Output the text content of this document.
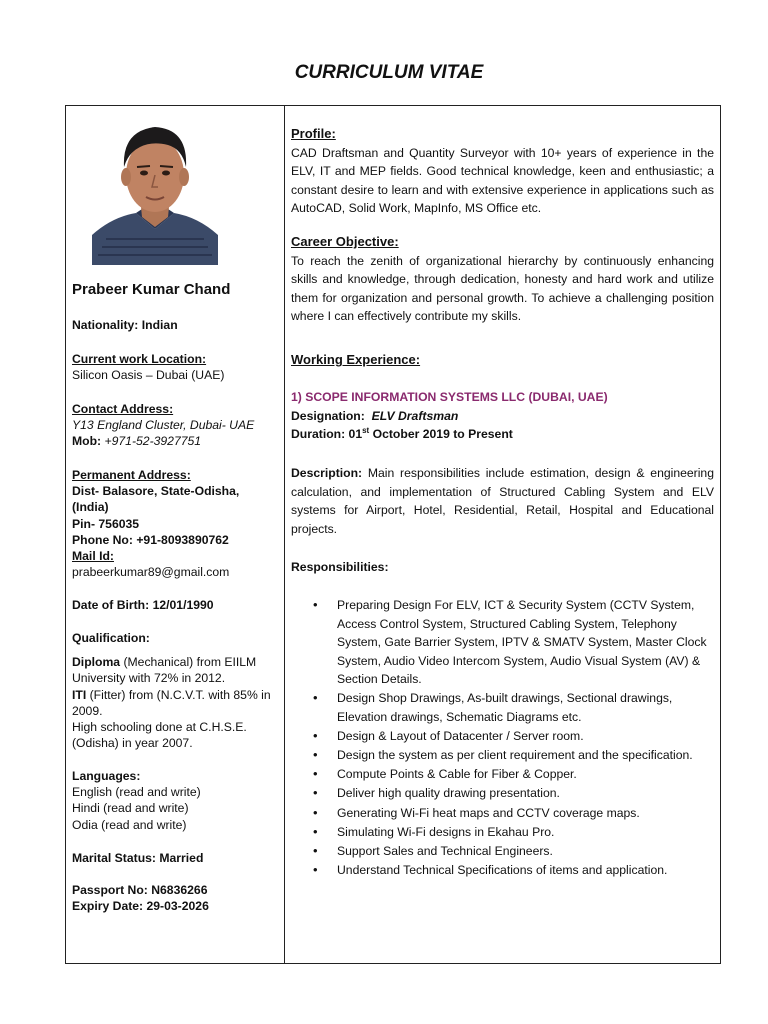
CURRICULUM VITAE
Prabeer Kumar Chand
Nationality: Indian
Current work Location:
Silicon Oasis – Dubai (UAE)
Contact Address:
Y13 England Cluster, Dubai- UAE
Mob: +971-52-3927751
Permanent Address:
Dist- Balasore, State-Odisha, (India)
Pin- 756035
Phone No: +91-8093890762
Mail Id:
prabeerkumar89@gmail.com
Date of Birth: 12/01/1990
Qualification:
Diploma (Mechanical) from EIILM University with 72% in 2012.
ITI (Fitter) from (N.C.V.T. with 85% in 2009.
High schooling done at C.H.S.E. (Odisha) in year 2007.
Languages:
English (read and write)
Hindi (read and write)
Odia (read and write)
Marital Status: Married
Passport No: N6836266
Expiry Date: 29-03-2026
Profile:
CAD Draftsman and Quantity Surveyor with 10+ years of experience in the ELV, IT and MEP fields. Good technical knowledge, keen and enthusiastic; a constant desire to learn and with extensive experience in applications such as AutoCAD, Solid Work, MapInfo, MS Office etc.
Career Objective:
To reach the zenith of organizational hierarchy by continuously enhancing skills and knowledge, through dedication, honesty and hard work and utilize them for organization and personal growth. To achieve a challenging position where I can effectively contribute my skills.
Working Experience:
1) SCOPE INFORMATION SYSTEMS LLC (DUBAI, UAE)
Designation: ELV Draftsman
Duration: 01st October 2019 to Present
Description: Main responsibilities include estimation, design & engineering calculation, and implementation of Structured Cabling System and ELV systems for Airport, Hotel, Residential, Retail, Hospital and Educational projects.
Responsibilities:
• Preparing Design For ELV, ICT & Security System (CCTV System, Access Control System, Structured Cabling System, Telephony System, Gate Barrier System, IPTV & SMATV System, Master Clock System, Audio Video Intercom System, Audio Visual System (AV) & Section Details.
• Design Shop Drawings, As-built drawings, Sectional drawings, Elevation drawings, Schematic Diagrams etc.
• Design & Layout of Datacenter / Server room.
• Design the system as per client requirement and the specification.
• Compute Points & Cable for Fiber & Copper.
• Deliver high quality drawing presentation.
• Generating Wi-Fi heat maps and CCTV coverage maps.
• Simulating Wi-Fi designs in Ekahau Pro.
• Support Sales and Technical Engineers.
• Understand Technical Specifications of items and application.
